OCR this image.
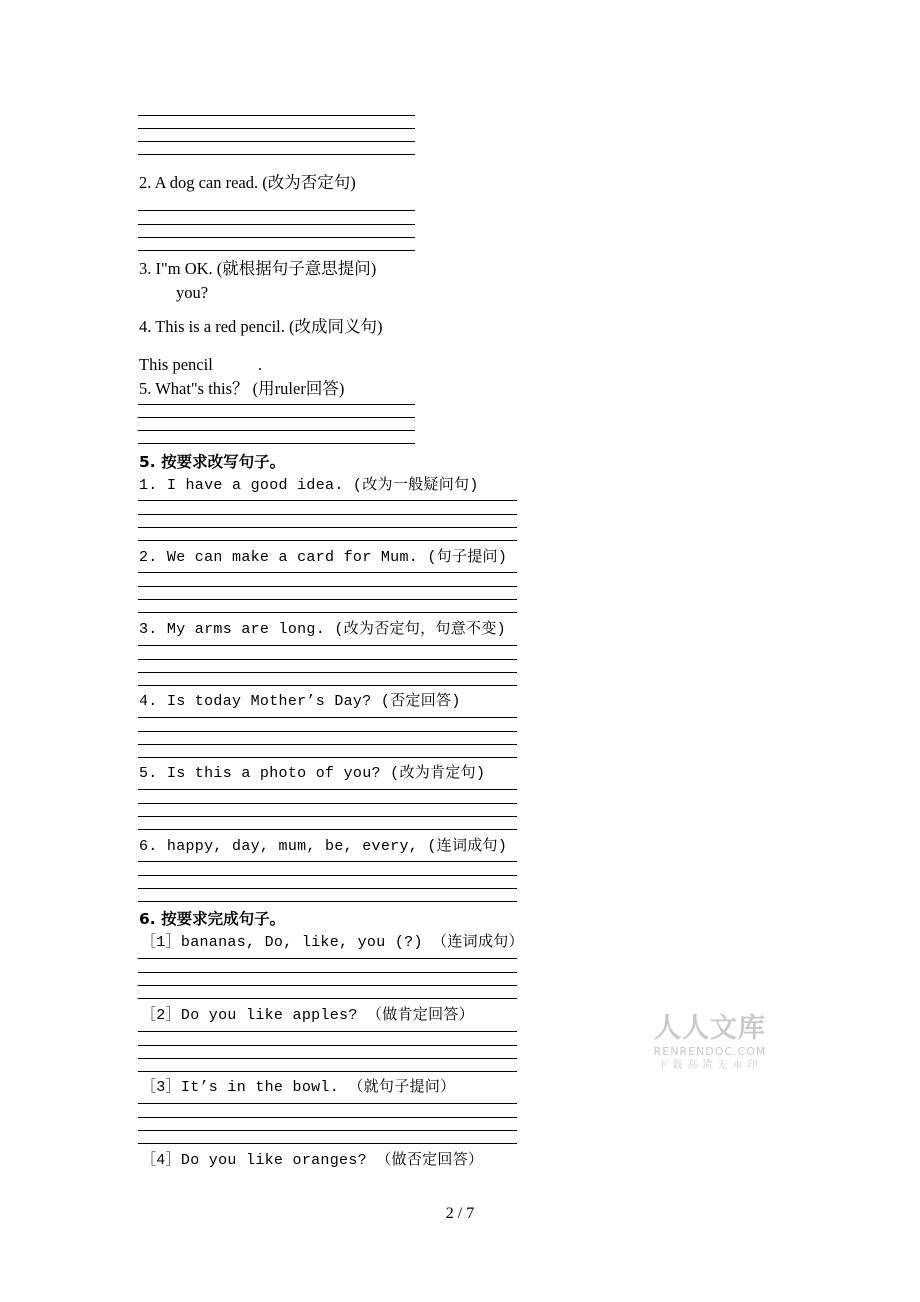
2. A dog can read. (改为否定句)
3. I"m OK. (就根据句子意思提问)
you?
4. This is a red pencil. (改成同义句)
This pencil	.
5. What"s this？ (用ruler回答)
5. 按要求改写句子。
1. I have a good idea. (改为一般疑问句)
2. We can make a card for Mum. (句子提问)
3. My arms are long. (改为否定句，句意不变)
4. Is today Mother’s Day? (否定回答)
5. Is this a photo of you? (改为肯定句)
6. happy, day, mum, be, every, (连词成句)
6. 按要求完成句子。
［1］bananas, Do, like, you (?) （连词成句）
［2］Do you like apples? （做肯定回答）
［3］It’s in the bowl. （就句子提问）
［4］Do you like oranges? （做否定回答）
人人文库
RENRENDOC.COM
下载高清无水印
2 / 7
